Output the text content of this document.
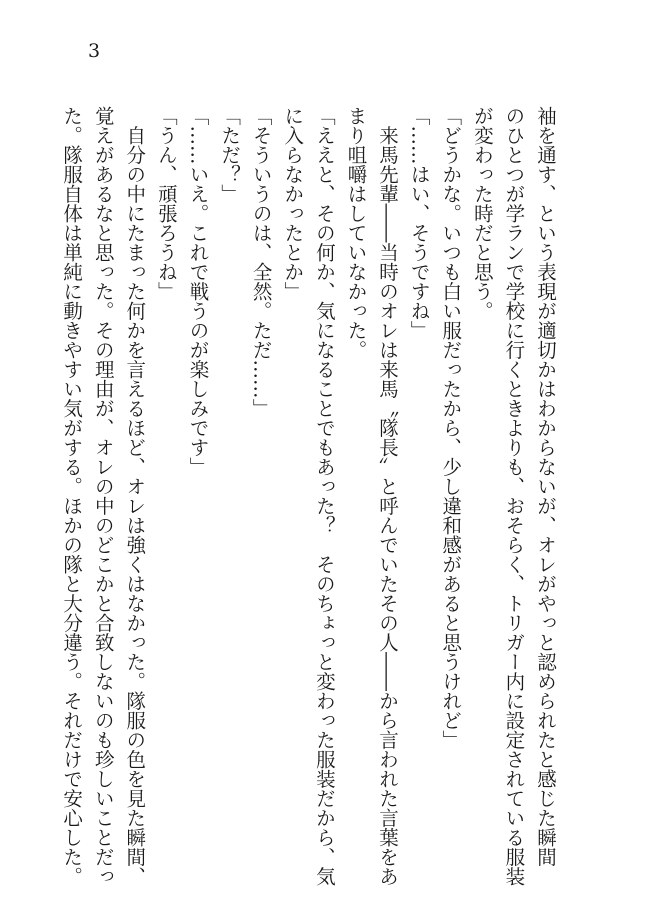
3
袖を通す、という表現が適切かはわからないが、オレがやっと認められたと感じた瞬間
のひとつが学ランで学校に行くときよりも、おそらく、トリガー内に設定されている服装
が変わった時だと思う。
「どうかな。いつも白い服だったから、少し違和感があると思うけれど」
「……はい、そうですね」
　来馬先輩――当時のオレは来馬〝隊長〟と呼んでいたその人――から言われた言葉をあ
まり咀嚼はしていなかった。
「ええと、その何か、気になることでもあった？　そのちょっと変わった服装だから、気
に入らなかったとか」
「そういうのは、全然。ただ……」
「ただ？」
「……いえ。これで戦うのが楽しみです」
「うん、頑張ろうね」
　自分の中にたまった何かを言えるほど、オレは強くはなかった。隊服の色を見た瞬間、
覚えがあるなと思った。その理由が、オレの中のどこかと合致しないのも珍しいことだっ
た。隊服自体は単純に動きやすい気がする。ほかの隊と大分違う。それだけで安心した。
